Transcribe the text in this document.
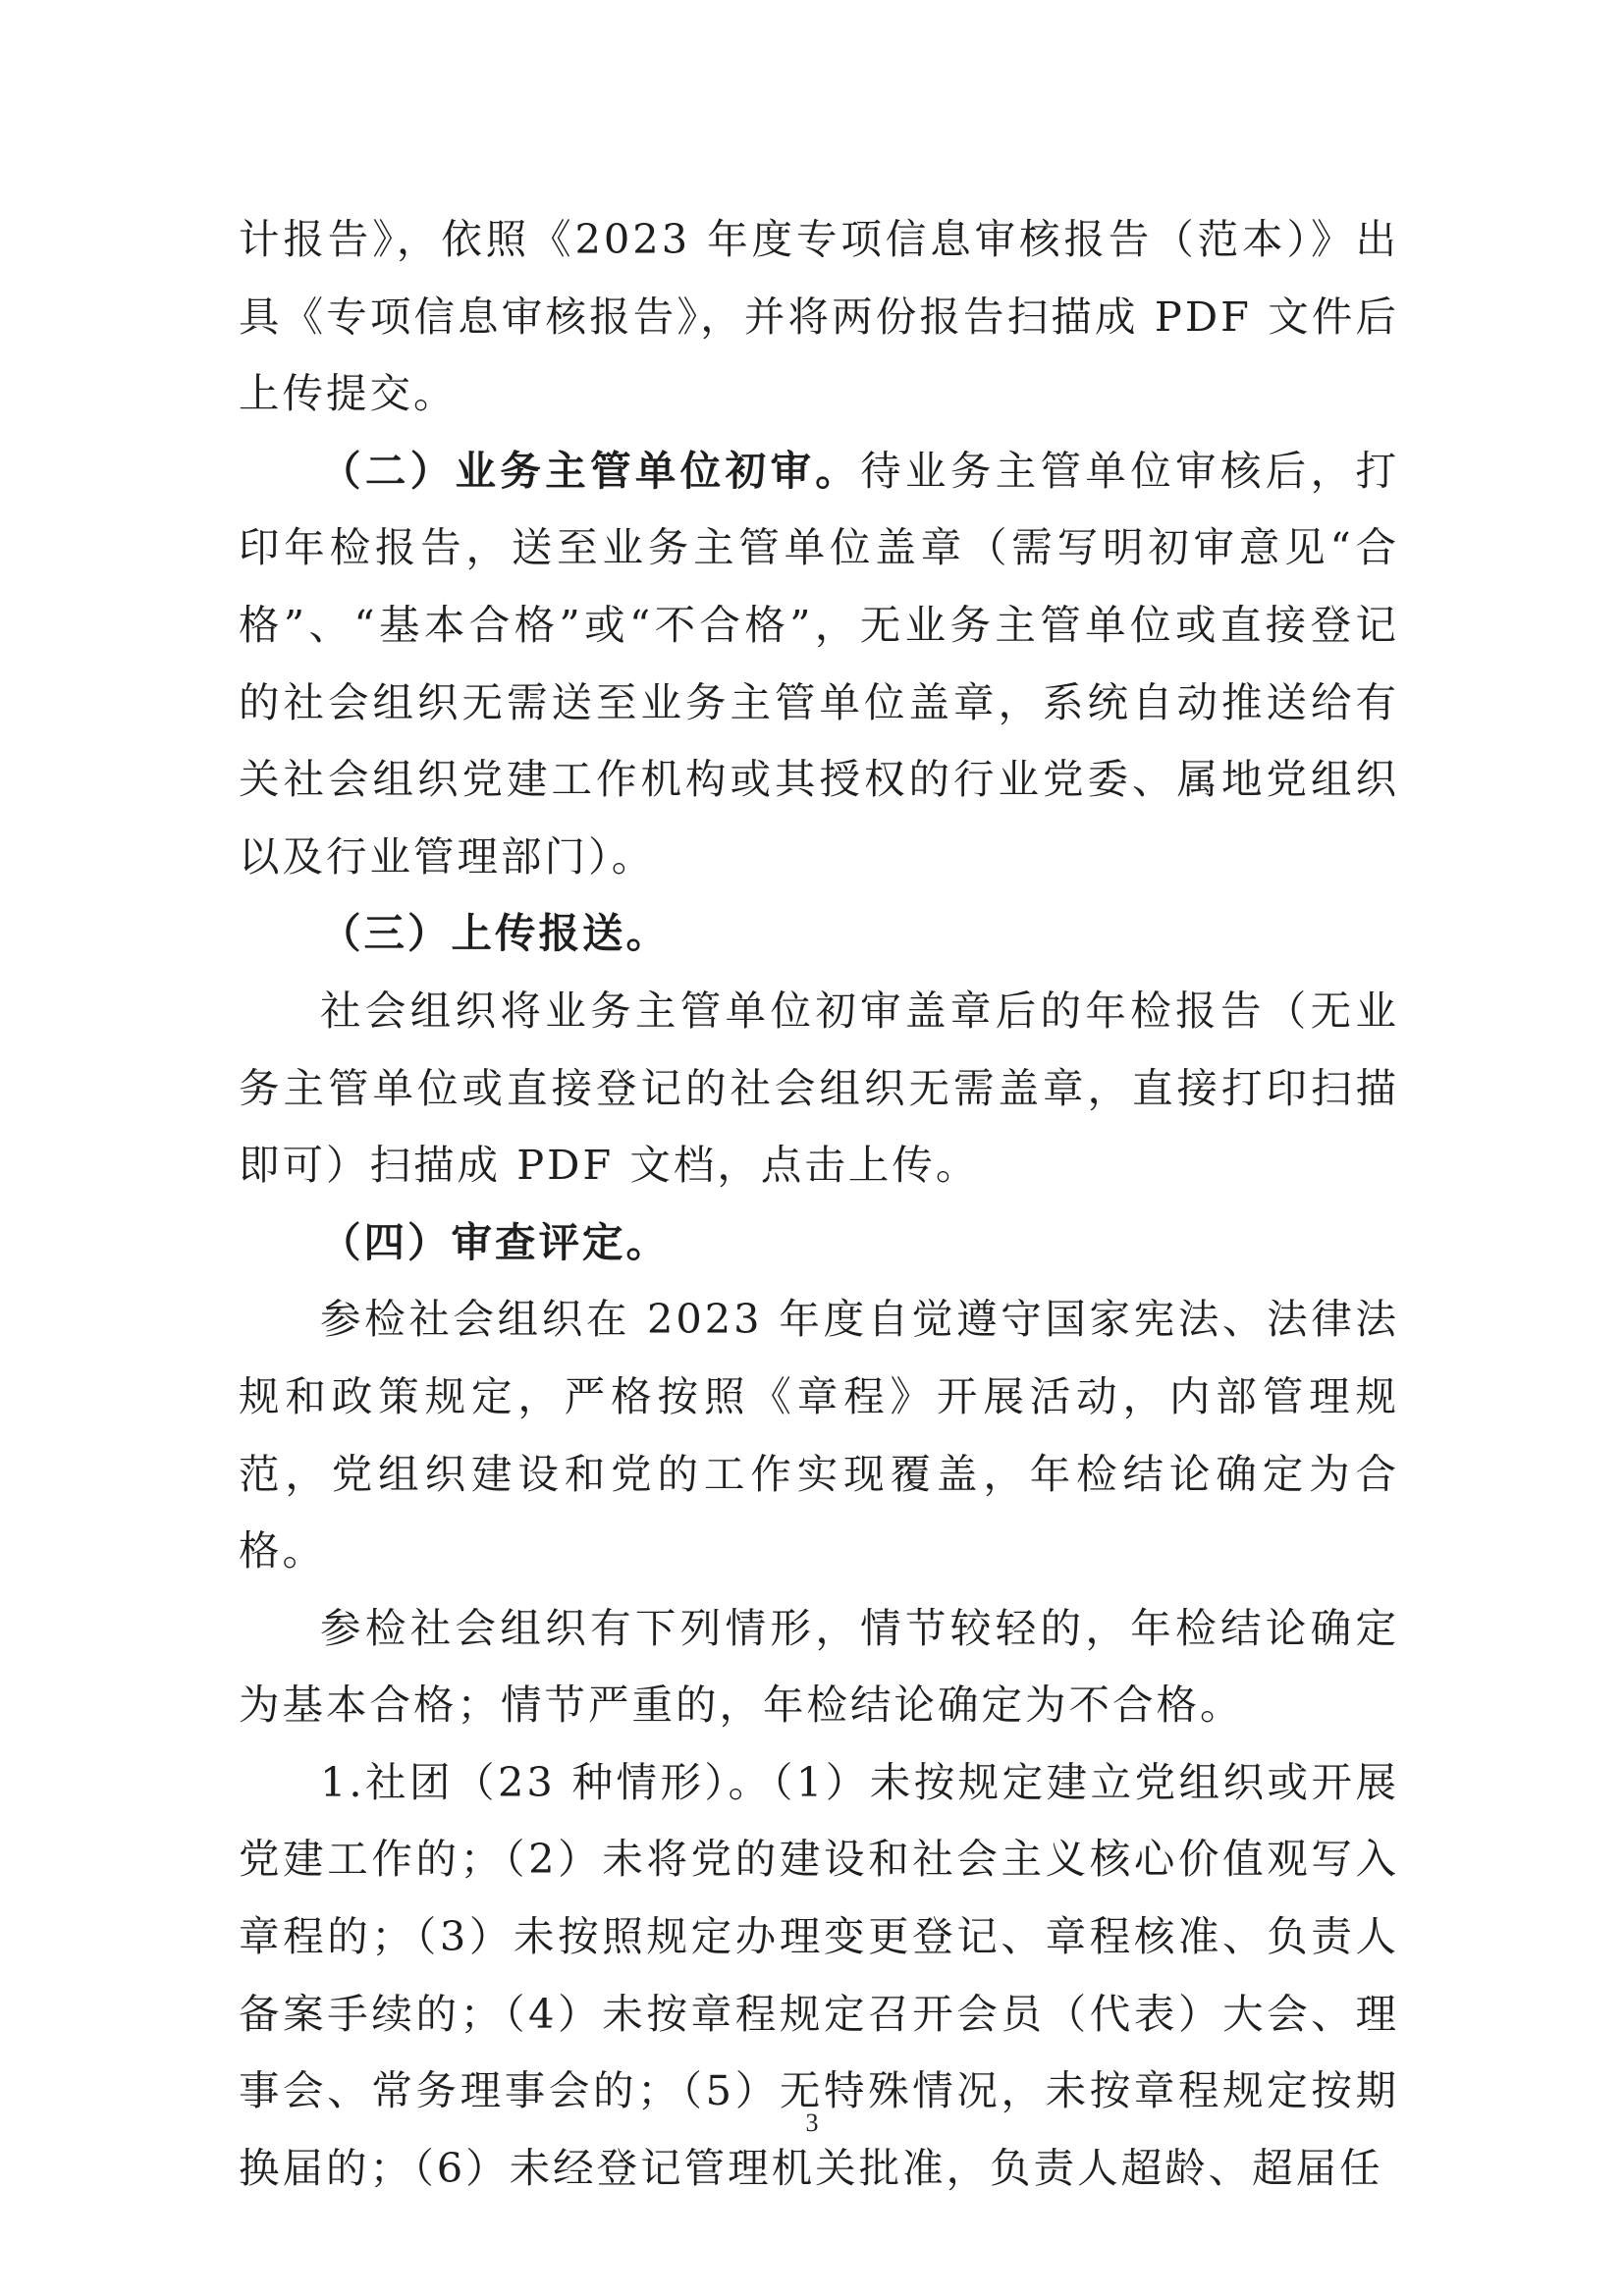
计报告》，依照《2023 年度专项信息审核报告（范本）》出具《专项信息审核报告》，并将两份报告扫描成 PDF 文件后上传提交。

（二）业务主管单位初审。待业务主管单位审核后，打印年检报告，送至业务主管单位盖章（需写明初审意见“合格”、“基本合格”或“不合格”，无业务主管单位或直接登记的社会组织无需送至业务主管单位盖章，系统自动推送给有关社会组织党建工作机构或其授权的行业党委、属地党组织以及行业管理部门）。

（三）上传报送。

社会组织将业务主管单位初审盖章后的年检报告（无业务主管单位或直接登记的社会组织无需盖章，直接打印扫描即可）扫描成 PDF 文档，点击上传。

（四）审查评定。

参检社会组织在 2023 年度自觉遵守国家宪法、法律法规和政策规定，严格按照《章程》开展活动，内部管理规范，党组织建设和党的工作实现覆盖，年检结论确定为合格。

参检社会组织有下列情形，情节较轻的，年检结论确定为基本合格；情节严重的，年检结论确定为不合格。

1.社团（23 种情形）。（1）未按规定建立党组织或开展党建工作的；（2）未将党的建设和社会主义核心价值观写入章程的；（3）未按照规定办理变更登记、章程核准、负责人备案手续的；（4）未按章程规定召开会员（代表）大会、理事会、常务理事会的；（5）无特殊情况，未按章程规定按期换届的；（6）未经登记管理机关批准，负责人超龄、超届任

3
